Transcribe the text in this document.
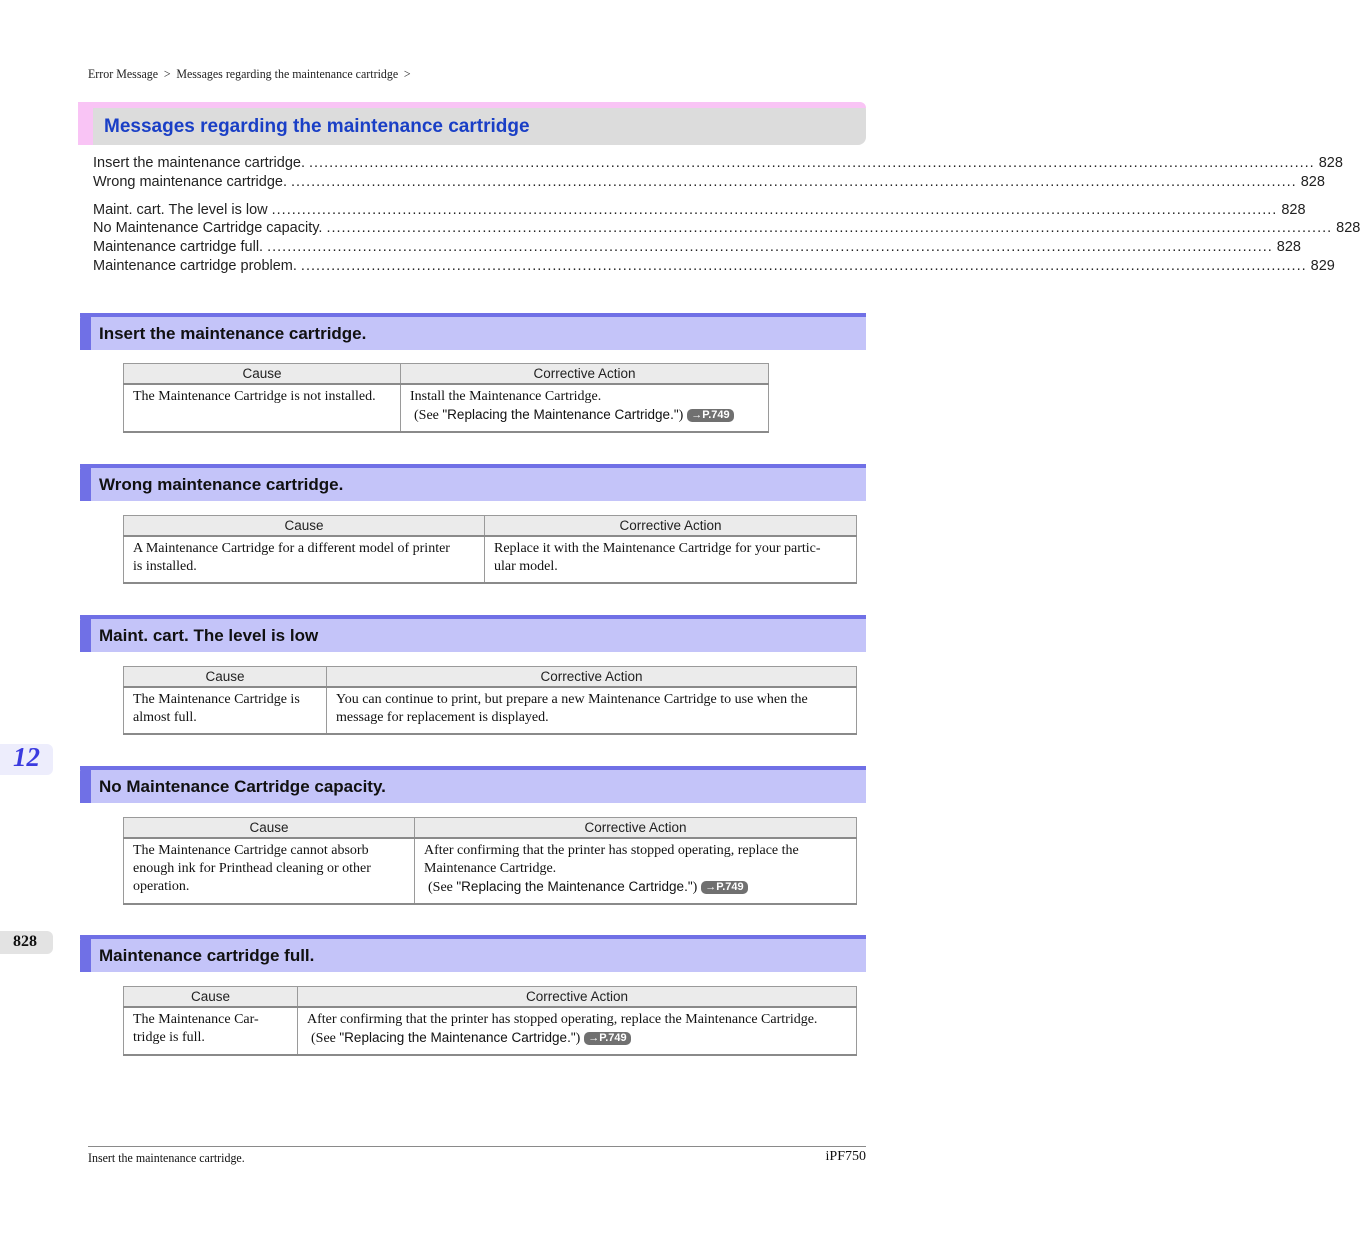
Error Message > Messages regarding the maintenance cartridge >
Messages regarding the maintenance cartridge
Insert the maintenance cartridge. ........................................................................................................................................................................................................ 828
Wrong maintenance cartridge. ........................................................................................................................................................................................................ 828
Maint. cart. The level is low ........................................................................................................................................................................................................ 828
No Maintenance Cartridge capacity. ........................................................................................................................................................................................................ 828
Maintenance cartridge full. ........................................................................................................................................................................................................ 828
Maintenance cartridge problem. ........................................................................................................................................................................................................ 829
Insert the maintenance cartridge.
Cause	Corrective Action
The Maintenance Cartridge is not installed.	Install the Maintenance Cartridge.
(See "Replacing the Maintenance Cartridge.") →P.749
Wrong maintenance cartridge.
Cause	Corrective Action

A Maintenance Cartridge for a different model of printer
is installed.	Replace it with the Maintenance Cartridge for your partic-
ular model.
Maint. cart. The level is low
Cause	Corrective Action

The Maintenance Cartridge is
almost full.	You can continue to print, but prepare a new Maintenance Cartridge to use when the
message for replacement is displayed.
12
No Maintenance Cartridge capacity.
Cause	Corrective Action

The Maintenance Cartridge cannot absorb
enough ink for Printhead cleaning or other
operation.	After confirming that the printer has stopped operating, replace the
Maintenance Cartridge.
(See "Replacing the Maintenance Cartridge.") →P.749
828
Maintenance cartridge full.
Cause	Corrective Action

The Maintenance Car-
tridge is full.	After confirming that the printer has stopped operating, replace the Maintenance Cartridge.
(See "Replacing the Maintenance Cartridge.") →P.749
Insert the maintenance cartridge.	iPF750
